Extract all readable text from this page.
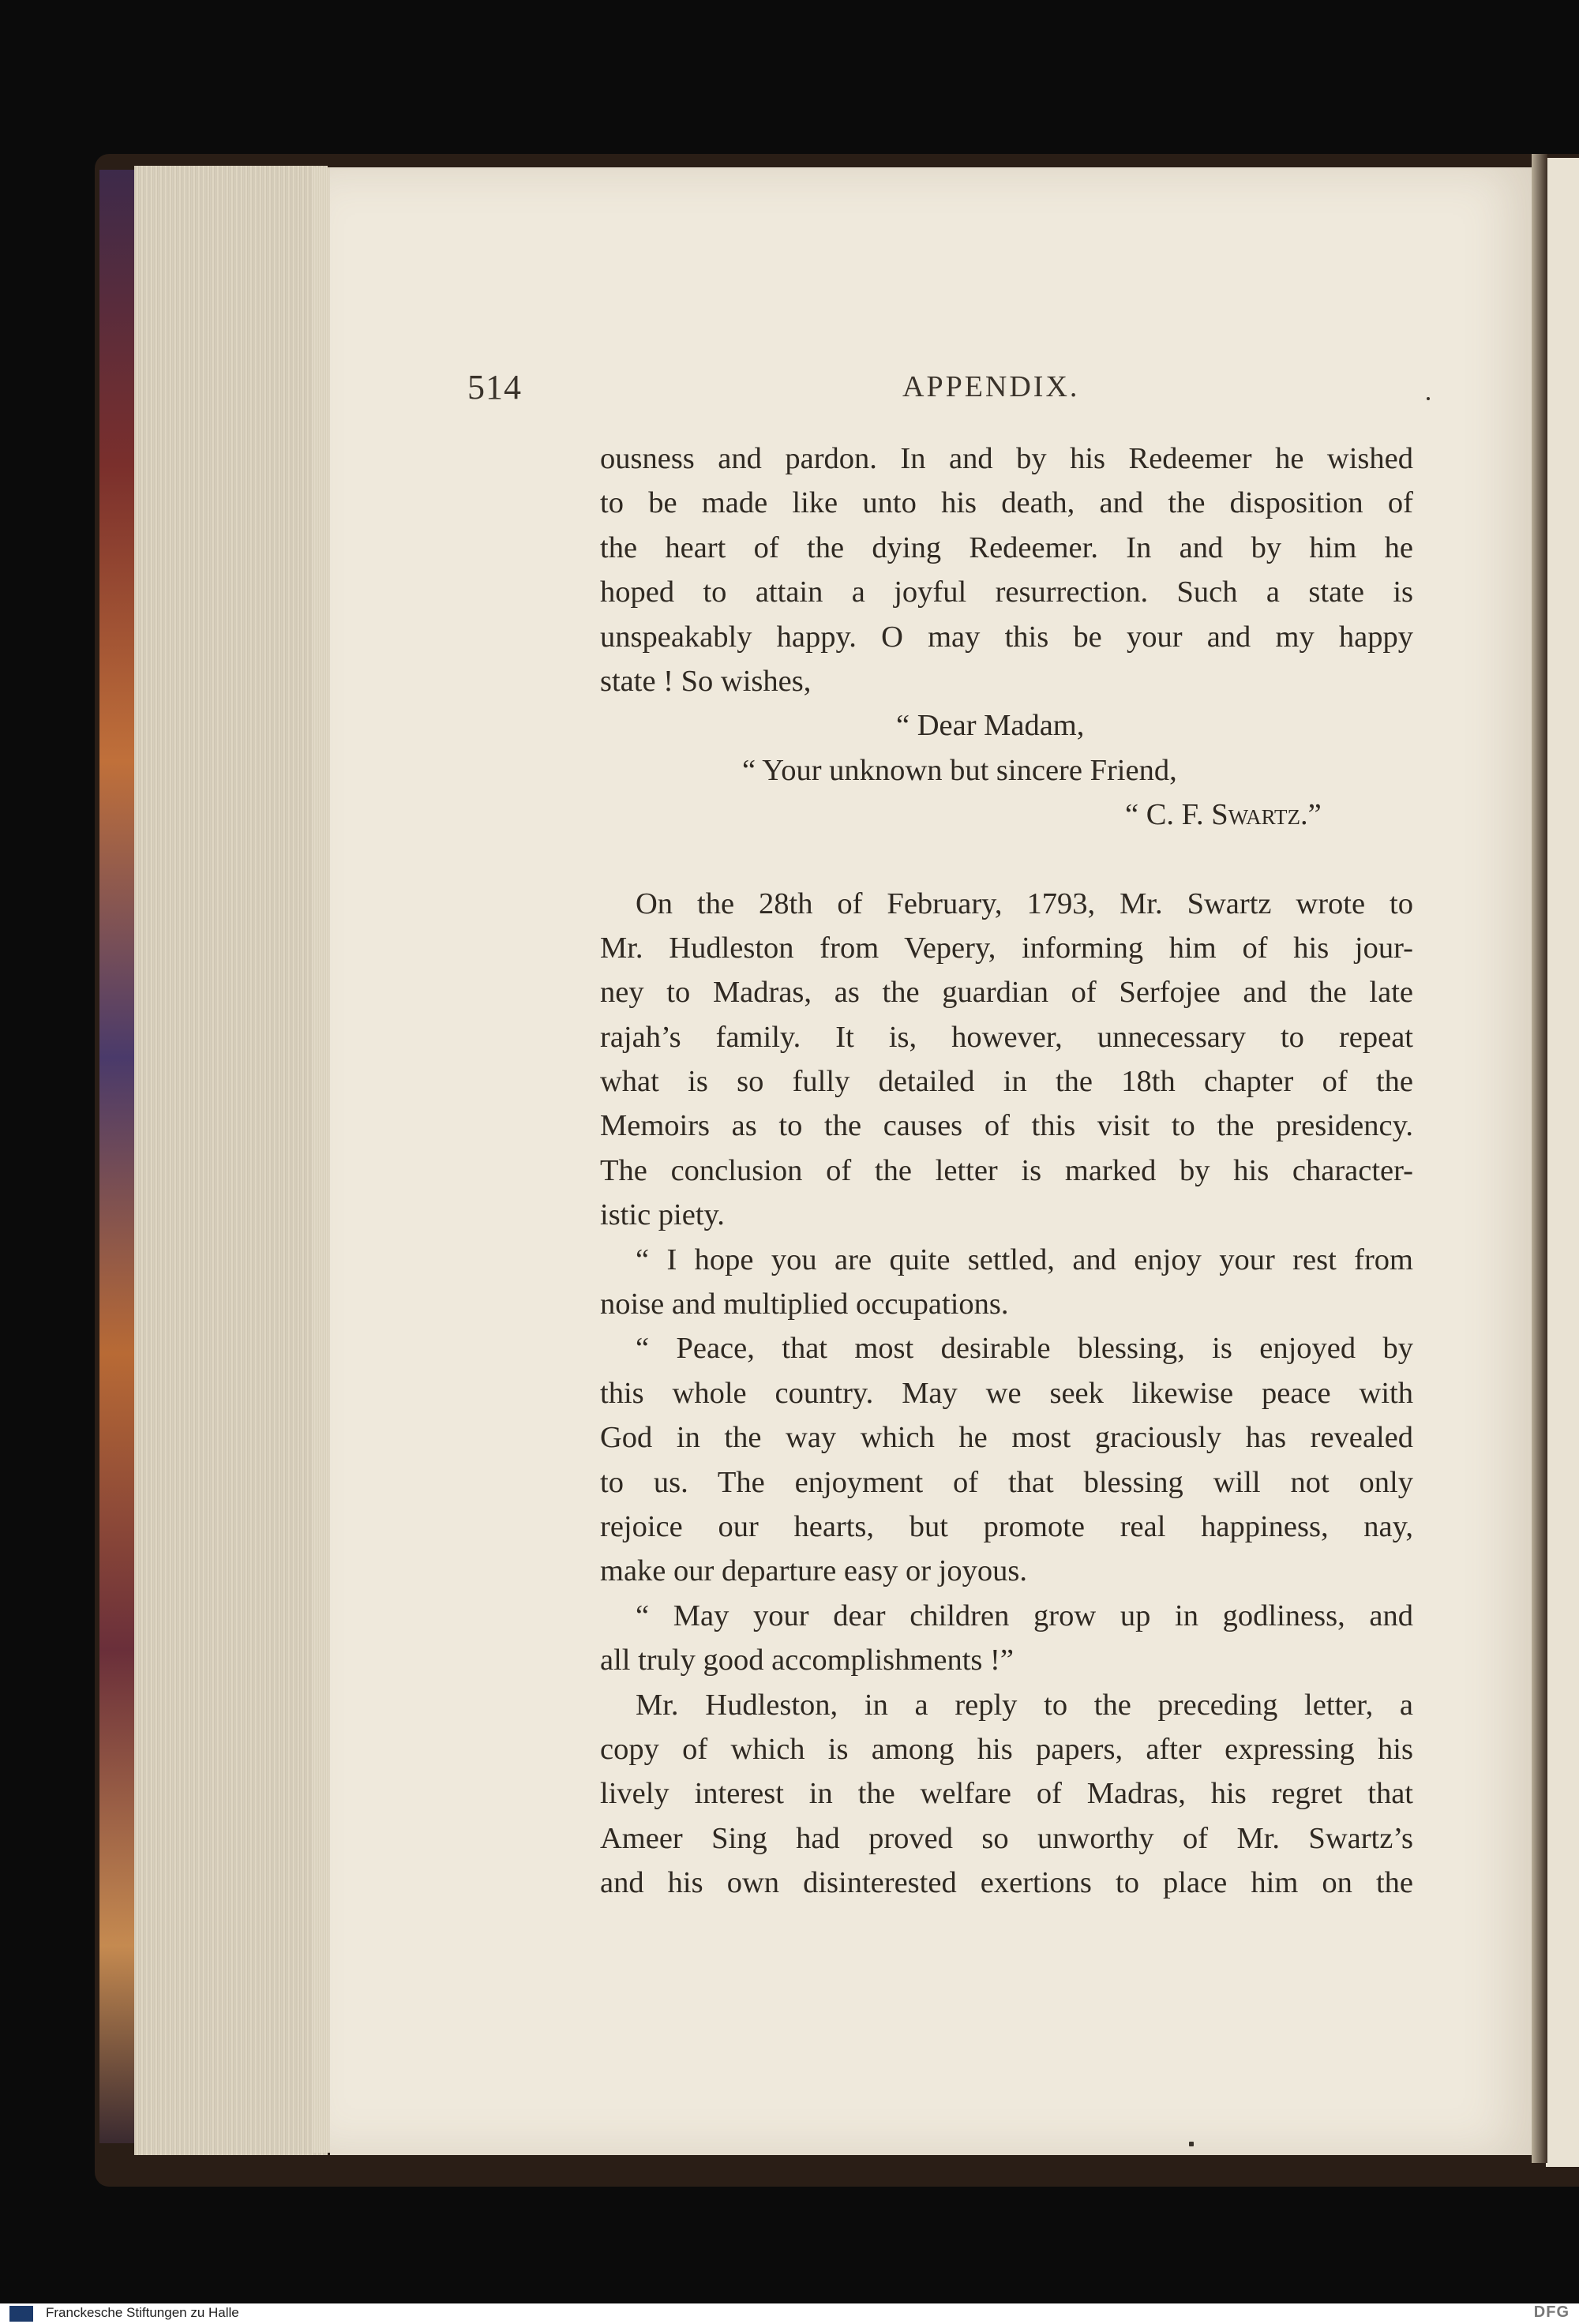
514	APPENDIX.
ousness and pardon. In and by his Redeemer he wished
to be made like unto his death, and the disposition of
the heart of the dying Redeemer. In and by him he
hoped to attain a joyful resurrection. Such a state is
unspeakably happy. O may this be your and my happy
state ! So wishes,
“ Dear Madam,
“ Your unknown but sincere Friend,
“ C. F. Swartz.”
On the 28th of February, 1793, Mr. Swartz wrote to
Mr. Hudleston from Vepery, informing him of his jour-
ney to Madras, as the guardian of Serfojee and the late
rajah’s family. It is, however, unnecessary to repeat
what is so fully detailed in the 18th chapter of the
Memoirs as to the causes of this visit to the presidency.
The conclusion of the letter is marked by his character-
istic piety.
“ I hope you are quite settled, and enjoy your rest from
noise and multiplied occupations.
“ Peace, that most desirable blessing, is enjoyed by
this whole country. May we seek likewise peace with
God in the way which he most graciously has revealed
to us. The enjoyment of that blessing will not only
rejoice our hearts, but promote real happiness, nay,
make our departure easy or joyous.
“ May your dear children grow up in godliness, and
all truly good accomplishments !”
Mr. Hudleston, in a reply to the preceding letter, a
copy of which is among his papers, after expressing his
lively interest in the welfare of Madras, his regret that
Ameer Sing had proved so unworthy of Mr. Swartz’s
and his own disinterested exertions to place him on the
Franckesche Stiftungen zu Halle	DFG
